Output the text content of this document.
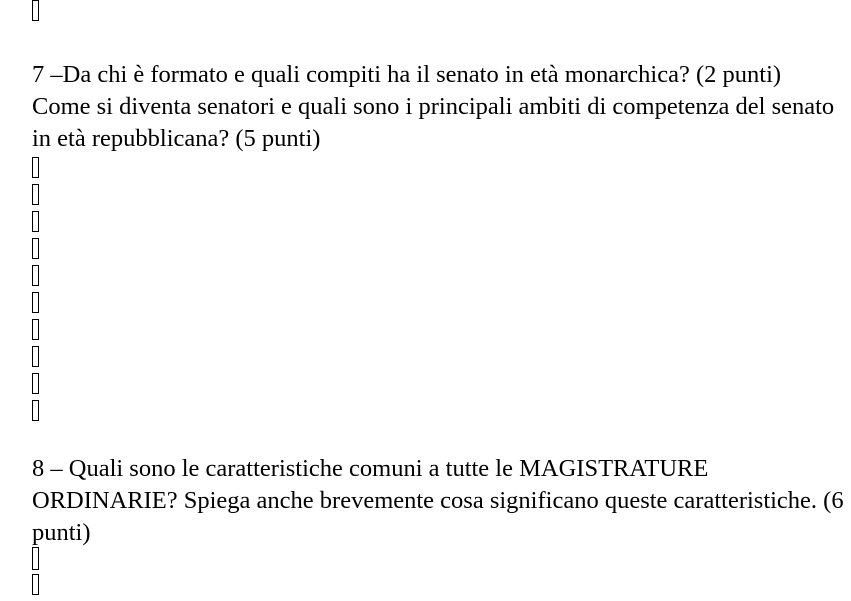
7 –Da chi è formato e quali compiti ha il senato in età monarchica? (2 punti) Come si diventa senatori e quali sono i principali ambiti di competenza del senato in età repubblicana? (5 punti)

8 – Quali sono le caratteristiche comuni a tutte le MAGISTRATURE ORDINARIE? Spiega anche brevemente cosa significano queste caratteristiche. (6 punti)
